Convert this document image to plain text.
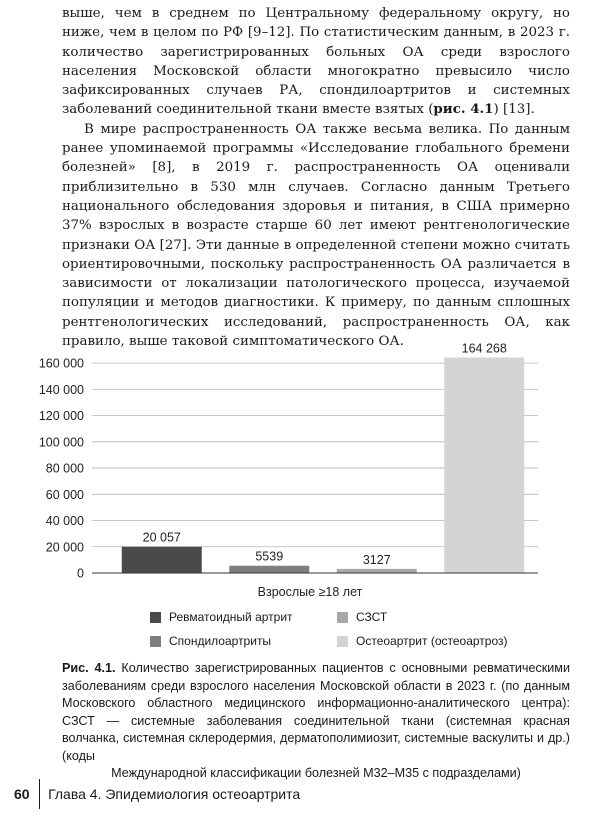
выше, чем в среднем по Центральному федеральному округу, но ниже, чем в целом по РФ [9–12]. По статистическим данным, в 2023 г. количество зарегистрированных больных ОА среди взрослого населения Московской области многократно превысило число зафиксированных случаев РА, спондилоартритов и системных заболеваний соединительной ткани вместе взятых (рис. 4.1) [13].

В мире распространенность ОА также весьма велика. По данным ранее упоминаемой программы «Исследование глобального бремени болезней» [8], в 2019 г. распространенность ОА оценивали приблизительно в 530 млн случаев. Согласно данным Третьего национального обследования здоровья и питания, в США примерно 37% взрослых в возрасте старше 60 лет имеют рентгенологические признаки ОА [27]. Эти данные в определенной степени можно считать ориентировочными, поскольку распространенность ОА различается в зависимости от локализации патологического процесса, изучаемой популяции и методов диагностики. К примеру, по данным сплошных рентгенологических исследований, распространенность ОА, как правило, выше таковой симптоматического ОА.

0
20 000
40 000
60 000
80 000
100 000
120 000
140 000
160 000
20 057
5539	3127
164 268
Взрослые ≥18 лет
Ревматоидный артрит
Спондилоартриты
СЗСТ
Остеоартрит (остеоартроз)
Рис. 4.1. Количество зарегистрированных пациентов с основными ревматическими заболеваниям среди взрослого населения Московской области в 2023 г. (по данным Московского областного медицинского информационно-аналитического центра): СЗСТ — системные заболевания соединительной ткани (системная красная волчанка, системная склеродермия, дерматополимиозит, системные васкулиты и др.) (коды
Международной классификации болезней М32–М35 с подразделами)
60 Глава 4. Эпидемиология остеоартрита
